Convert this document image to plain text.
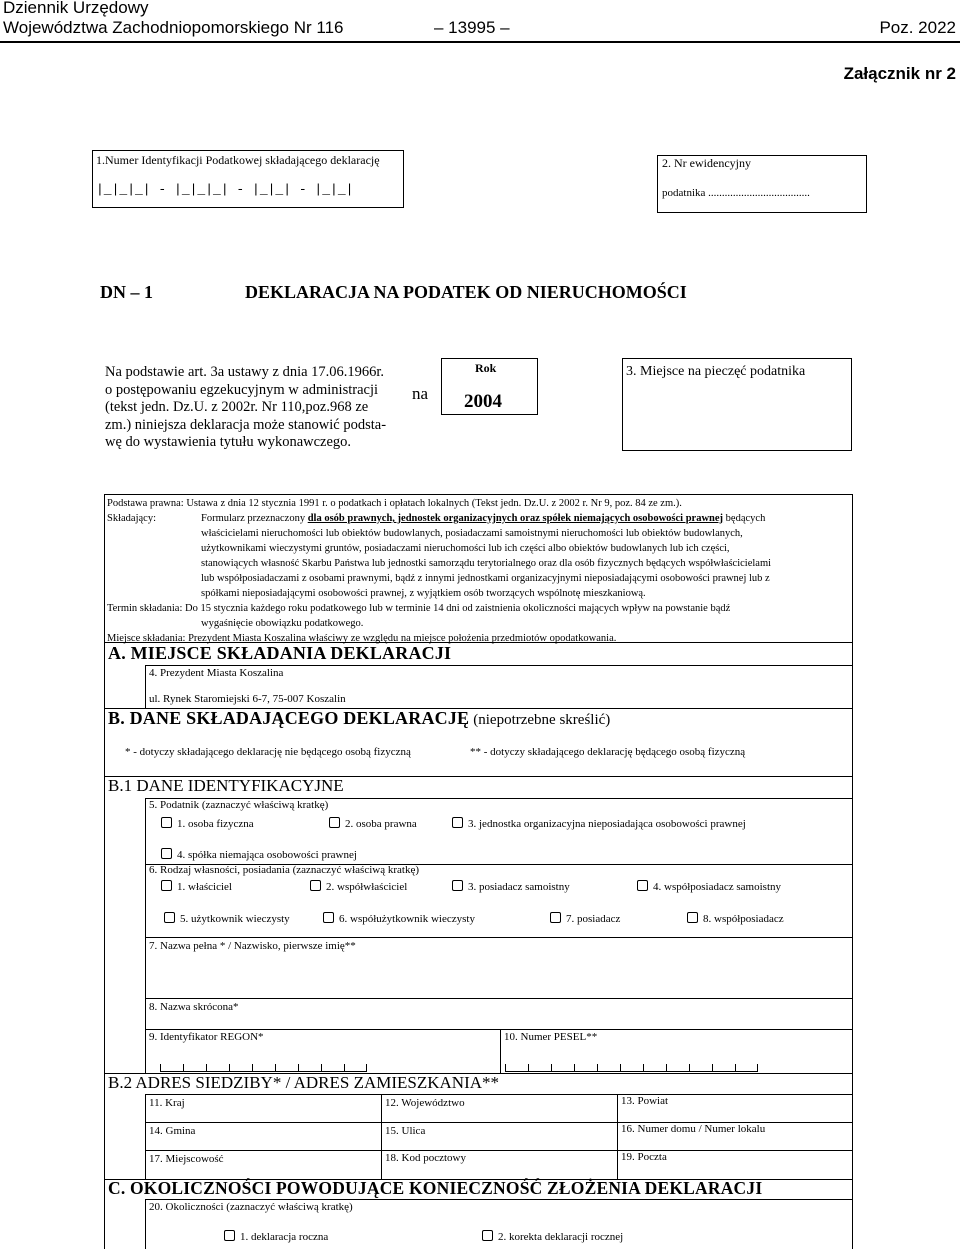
Dziennik Urzędowy
Województwa Zachodniopomorskiego Nr 116	– 13995 –	Poz. 2022
Załącznik nr 2
1.Numer Identyfikacji Podatkowej składającego deklarację
|_|_|_| - |_|_|_| - |_|_| - |_|_|
2. Nr ewidencyjny
podatnika .....................................
DN – 1	DEKLARACJA NA PODATEK OD NIERUCHOMOŚCI
Na podstawie art. 3a ustawy z dnia 17.06.1966r.
o postępowaniu egzekucyjnym w administracji
(tekst jedn. Dz.U. z 2002r. Nr 110,poz.968 ze
zm.) niniejsza deklaracja może stanowić podsta-
wę do wystawienia tytułu wykonawczego.
na
Rok
2004
3. Miejsce na pieczęć podatnika
Podstawa prawna: Ustawa z dnia 12 stycznia 1991 r. o podatkach i opłatach lokalnych (Tekst jedn. Dz.U. z 2002 r. Nr 9, poz. 84 ze zm.).
Składający:	Formularz przeznaczony dla osób prawnych, jednostek organizacyjnych oraz spółek niemających osobowości prawnej będących
właścicielami nieruchomości lub obiektów budowlanych, posiadaczami samoistnymi nieruchomości lub obiektów budowlanych,
użytkownikami wieczystymi gruntów, posiadaczami nieruchomości lub ich części albo obiektów budowlanych lub ich części,
stanowiących własność Skarbu Państwa lub jednostki samorządu terytorialnego oraz dla osób fizycznych będących współwłaścicielami
lub współposiadaczami z osobami prawnymi, bądź z innymi jednostkami organizacyjnymi nieposiadającymi osobowości prawnej lub z
spółkami nieposiadającymi osobowości prawnej, z wyjątkiem osób tworzących wspólnotę mieszkaniową.
Termin składania: Do 15 stycznia każdego roku podatkowego lub w terminie 14 dni od zaistnienia okoliczności mających wpływ na powstanie bądź
wygaśnięcie obowiązku podatkowego.
Miejsce składania: Prezydent Miasta Koszalina właściwy ze względu na miejsce położenia przedmiotów opodatkowania.
A. MIEJSCE SKŁADANIA DEKLARACJI
4. Prezydent Miasta Koszalina
ul. Rynek Staromiejski 6-7, 75-007 Koszalin
B. DANE SKŁADAJĄCEGO DEKLARACJĘ (niepotrzebne skreślić)
* - dotyczy składającego deklarację nie będącego osobą fizyczną	** - dotyczy składającego deklarację będącego osobą fizyczną
B.1 DANE IDENTYFIKACYJNE
5. Podatnik (zaznaczyć właściwą kratkę)
1. osoba fizyczna	2. osoba prawna	3. jednostka organizacyjna nieposiadająca osobowości prawnej
4. spółka niemająca osobowości prawnej
6. Rodzaj własności, posiadania (zaznaczyć właściwą kratkę)
1. właściciel	2. współwłaściciel	3. posiadacz samoistny	4. współposiadacz samoistny
5. użytkownik wieczysty	6. współużytkownik wieczysty	7. posiadacz	8. współposiadacz
7. Nazwa pełna * / Nazwisko, pierwsze imię**
8. Nazwa skrócona*
9. Identyfikator REGON*	10. Numer PESEL**
B.2 ADRES SIEDZIBY* / ADRES ZAMIESZKANIA**
11. Kraj	12. Województwo	13. Powiat
14. Gmina	15. Ulica	16. Numer domu / Numer lokalu
17. Miejscowość	18. Kod pocztowy	19. Poczta
C. OKOLICZNOŚCI POWODUJĄCE KONIECZNOŚĆ ZŁOŻENIA DEKLARACJI
20. Okoliczności (zaznaczyć właściwą kratkę)
1. deklaracja roczna	2. korekta deklaracji rocznej
